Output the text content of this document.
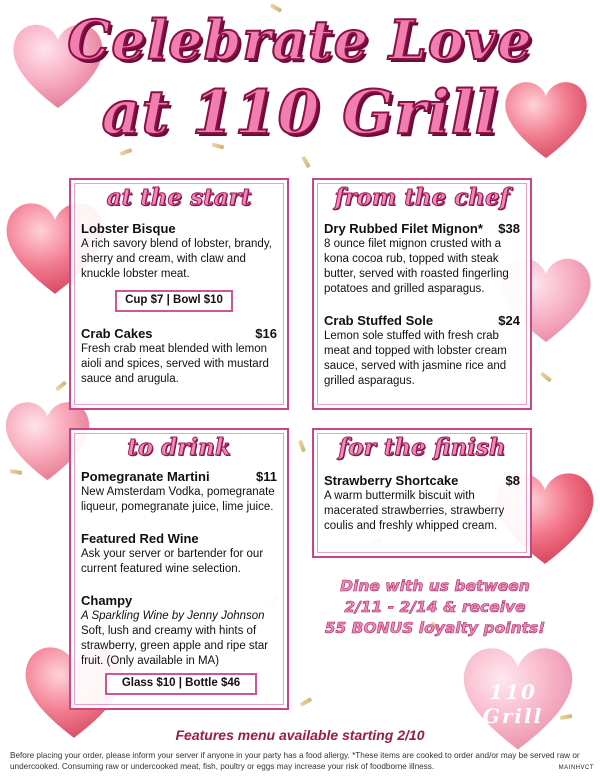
Celebrate Love
at 110 Grill
at the start
Lobster Bisque
A rich savory blend of lobster, brandy, sherry and cream, with claw and knuckle lobster meat.
Cup $7 | Bowl $10
Crab Cakes	$16
Fresh crab meat blended with lemon aioli and spices, served with mustard sauce and arugula.
from the chef
Dry Rubbed Filet Mignon* $38
8 ounce filet mignon crusted with a kona cocoa rub, topped with steak butter, served with roasted fingerling potatoes and grilled asparagus.
Crab Stuffed Sole	$24
Lemon sole stuffed with fresh crab meat and topped with lobster cream sauce, served with jasmine rice and grilled asparagus.
to drink
Pomegranate Martini	$11
New Amsterdam Vodka, pomegranate liqueur, pomegranate juice, lime juice.
Featured Red Wine
Ask your server or bartender for our current featured wine selection.
Champy
A Sparkling Wine by Jenny Johnson
Soft, lush and creamy with hints of strawberry, green apple and ripe star fruit. (Only available in MA)
Glass $10 | Bottle $46
for the finish
Strawberry Shortcake	$8
A warm buttermilk biscuit with macerated strawberries, strawberry coulis and freshly whipped cream.
Dine with us between
2/11 - 2/14 & receive
55 BONUS loyalty points!
110 Grill
Features menu available starting 2/10
Before placing your order, please inform your server if anyone in your party has a food allergy. *These items are cooked to order and/or may be served raw or undercooked. Consuming raw or undercooked meat, fish, poultry or eggs may increase your risk of foodborne illness.	MAINHVCT
